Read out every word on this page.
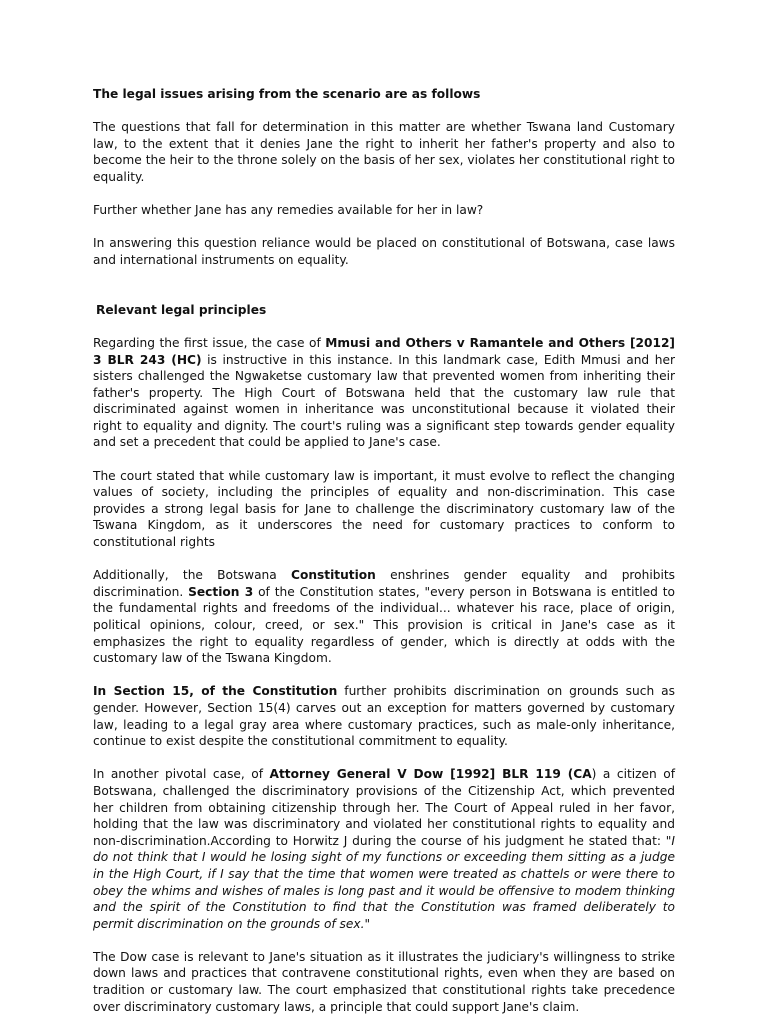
The legal issues arising from the scenario are as follows

The questions that fall for determination in this matter are whether Tswana land Customary law, to the extent that it denies Jane the right to inherit her father's property and also to become the heir to the throne solely on the basis of her sex, violates her constitutional right to equality.

Further whether Jane has any remedies available for her in law?

In answering this question reliance would be placed on constitutional of Botswana, case laws and international instruments on equality.

Relevant legal principles

Regarding the first issue, the case of Mmusi and Others v Ramantele and Others [2012] 3 BLR 243 (HC) is instructive in this instance. In this landmark case, Edith Mmusi and her sisters challenged the Ngwaketse customary law that prevented women from inheriting their father's property. The High Court of Botswana held that the customary law rule that discriminated against women in inheritance was unconstitutional because it violated their right to equality and dignity. The court's ruling was a significant step towards gender equality and set a precedent that could be applied to Jane's case.

The court stated that while customary law is important, it must evolve to reflect the changing values of society, including the principles of equality and non-discrimination. This case provides a strong legal basis for Jane to challenge the discriminatory customary law of the Tswana Kingdom, as it underscores the need for customary practices to conform to constitutional rights

Additionally, the Botswana Constitution enshrines gender equality and prohibits discrimination. Section 3 of the Constitution states, "every person in Botswana is entitled to the fundamental rights and freedoms of the individual... whatever his race, place of origin, political opinions, colour, creed, or sex." This provision is critical in Jane's case as it emphasizes the right to equality regardless of gender, which is directly at odds with the customary law of the Tswana Kingdom.

In Section 15, of the Constitution further prohibits discrimination on grounds such as gender. However, Section 15(4) carves out an exception for matters governed by customary law, leading to a legal gray area where customary practices, such as male-only inheritance, continue to exist despite the constitutional commitment to equality.

In another pivotal case, of Attorney General V Dow [1992] BLR 119 (CA) a citizen of Botswana, challenged the discriminatory provisions of the Citizenship Act, which prevented her children from obtaining citizenship through her. The Court of Appeal ruled in her favor, holding that the law was discriminatory and violated her constitutional rights to equality and non-discrimination.According to Horwitz J during the course of his judgment he stated that: "I do not think that I would he losing sight of my functions or exceeding them sitting as a judge in the High Court, if I say that the time that women were treated as chattels or were there to obey the whims and wishes of males is long past and it would be offensive to modem thinking and the spirit of the Constitution to find that the Constitution was framed deliberately to permit discrimination on the grounds of sex."

The Dow case is relevant to Jane's situation as it illustrates the judiciary's willingness to strike down laws and practices that contravene constitutional rights, even when they are based on tradition or customary law. The court emphasized that constitutional rights take precedence over discriminatory customary laws, a principle that could support Jane's claim.
